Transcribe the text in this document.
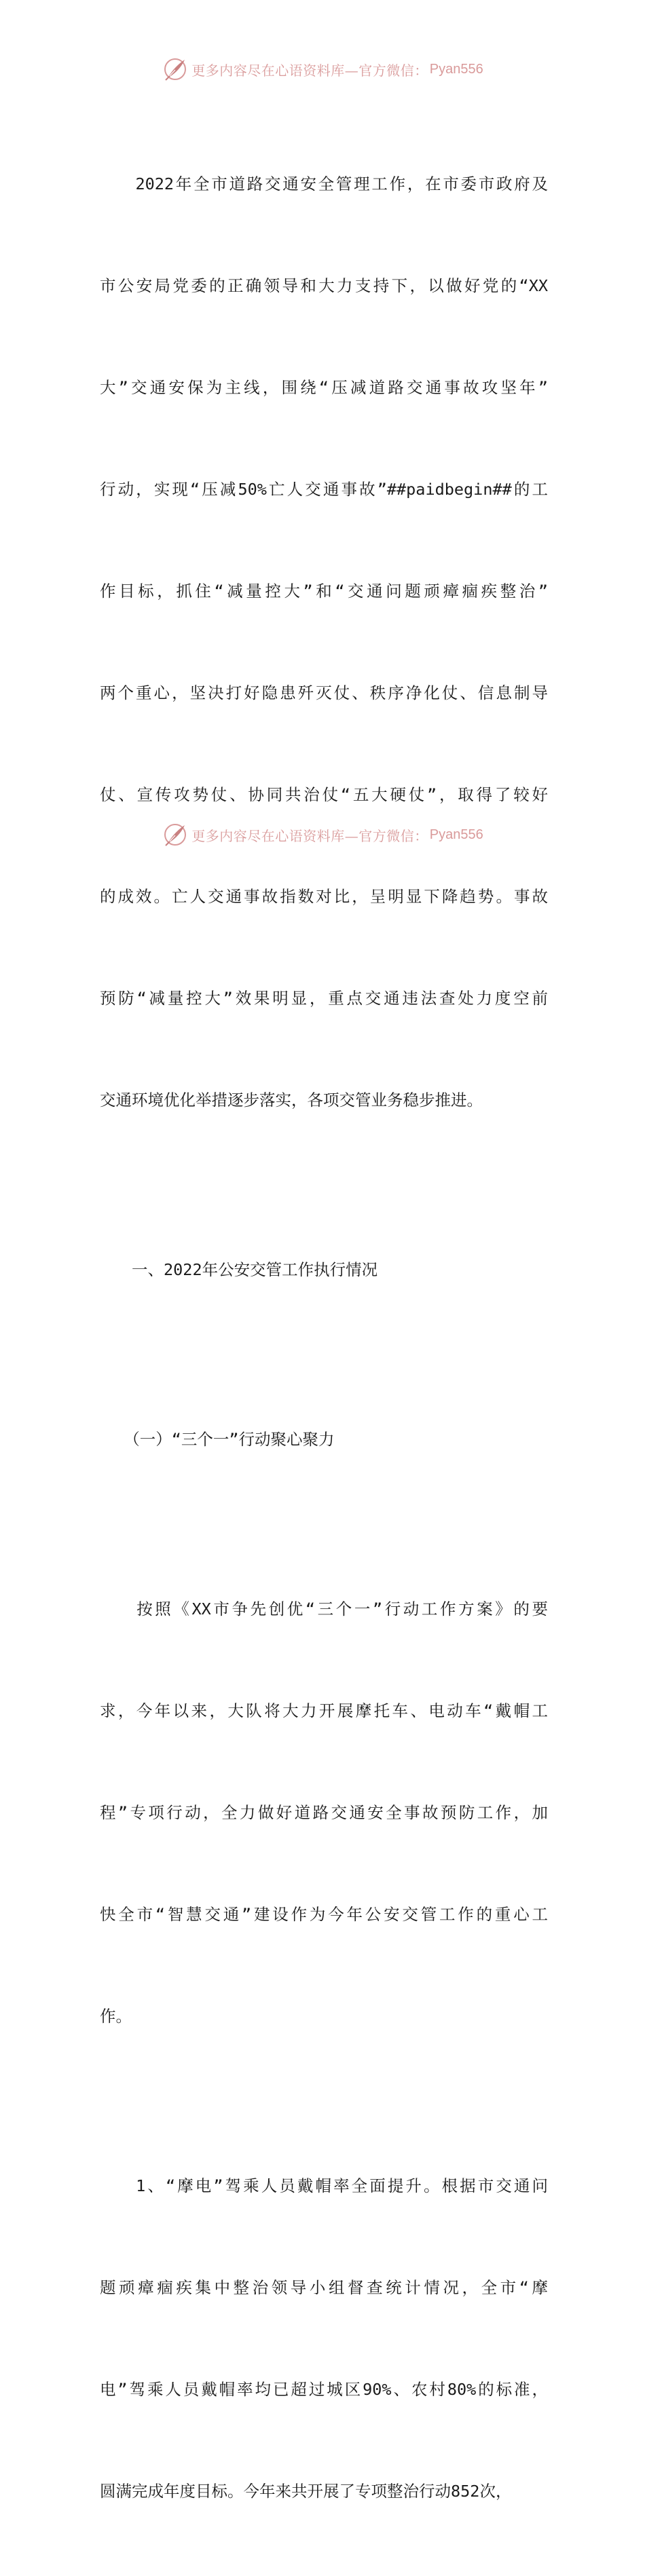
更多内容尽在心语资料库—官方微信： Pyan556

　　2022年全市道路交通安全管理工作，在市委市政府及

市公安局党委的正确领导和大力支持下，以做好党的“XX

大”交通安保为主线，围绕“压减道路交通事故攻坚年”

行动，实现“压减50%亡人交通事故”##paidbegin##的工

作目标，抓住“减量控大”和“交通问题顽瘴痼疾整治”

两个重心，坚决打好隐患歼灭仗、秩序净化仗、信息制导

仗、宣传攻势仗、协同共治仗“五大硬仗”，取得了较好

的成效。亡人交通事故指数对比，呈明显下降趋势。事故

预防“减量控大”效果明显，重点交通违法查处力度空前

交通环境优化举措逐步落实，各项交管业务稳步推进。

　　一、2022年公安交管工作执行情况

　　（一）“三个一”行动聚心聚力

　　按照《XX市争先创优“三个一”行动工作方案》的要

求，今年以来，大队将大力开展摩托车、电动车“戴帽工

程”专项行动，全力做好道路交通安全事故预防工作，加

快全市“智慧交通”建设作为今年公安交管工作的重心工

作。

　　1、“摩电”驾乘人员戴帽率全面提升。根据市交通问

题顽瘴痼疾集中整治领导小组督查统计情况，全市“摩

电”驾乘人员戴帽率均已超过城区90%、农村80%的标准，

圆满完成年度目标。今年来共开展了专项整治行动852次，

更多内容尽在心语资料库—官方微信： Pyan556
